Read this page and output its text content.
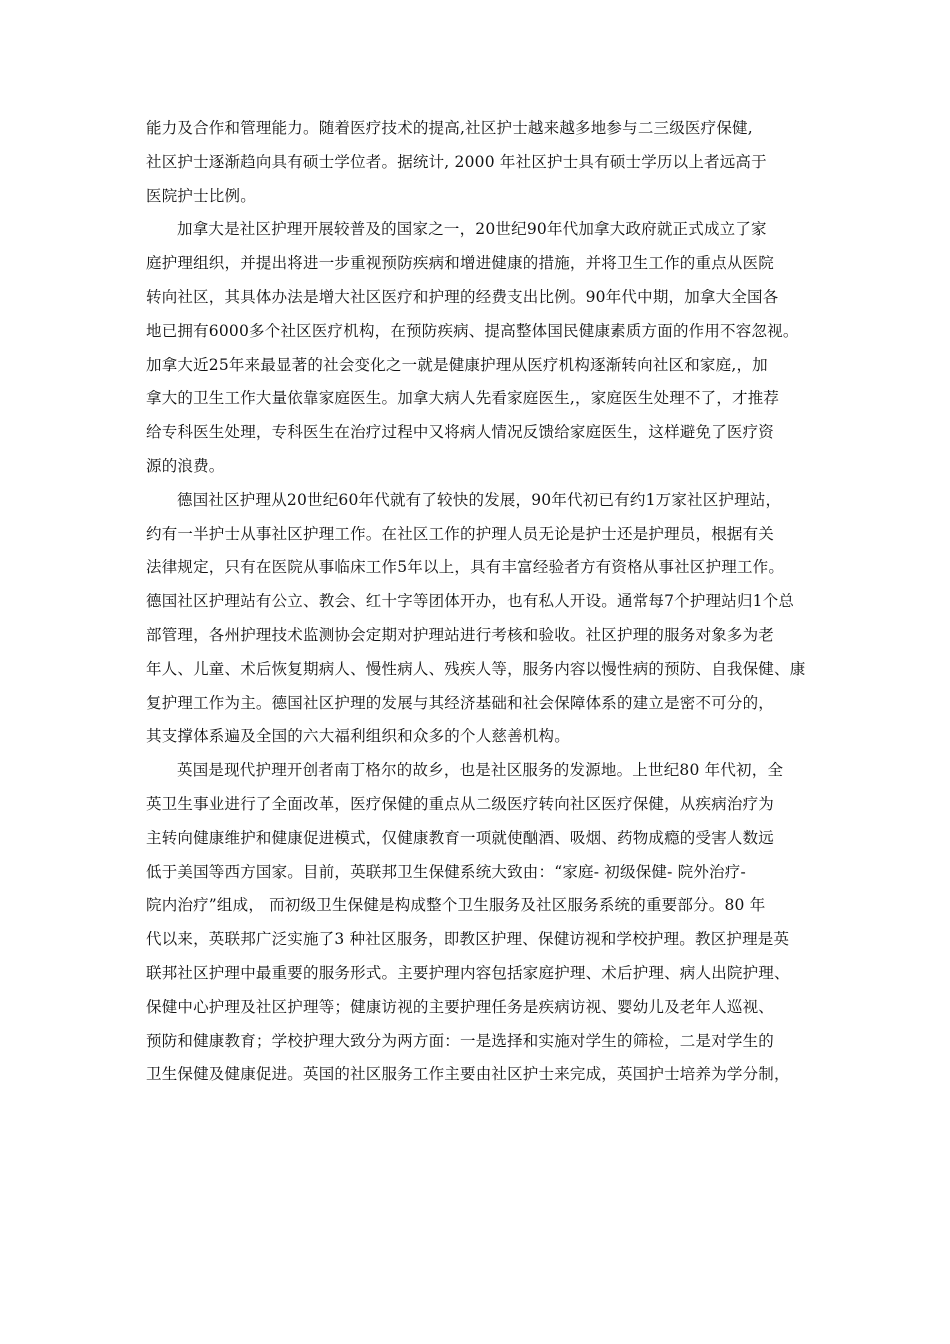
能力及合作和管理能力。随着医疗技术的提高,社区护士越来越多地参与二三级医疗保健,
社区护士逐渐趋向具有硕士学位者。据统计, 2000 年社区护士具有硕士学历以上者远高于
医院护士比例。
加拿大是社区护理开展较普及的国家之一，20世纪90年代加拿大政府就正式成立了家
庭护理组织，并提出将进一步重视预防疾病和增进健康的措施，并将卫生工作的重点从医院
转向社区，其具体办法是增大社区医疗和护理的经费支出比例。90年代中期，加拿大全国各
地已拥有6000多个社区医疗机构，在预防疾病、提高整体国民健康素质方面的作用不容忽视。
加拿大近25年来最显著的社会变化之一就是健康护理从医疗机构逐渐转向社区和家庭,，加
拿大的卫生工作大量依靠家庭医生。加拿大病人先看家庭医生,，家庭医生处理不了，才推荐
给专科医生处理，专科医生在治疗过程中又将病人情况反馈给家庭医生，这样避免了医疗资
源的浪费。
德国社区护理从20世纪60年代就有了较快的发展，90年代初已有约1万家社区护理站，
约有一半护士从事社区护理工作。在社区工作的护理人员无论是护士还是护理员，根据有关
法律规定，只有在医院从事临床工作5年以上，具有丰富经验者方有资格从事社区护理工作。
德国社区护理站有公立、教会、红十字等团体开办，也有私人开设。通常每7个护理站归1个总
部管理，各州护理技术监测协会定期对护理站进行考核和验收。社区护理的服务对象多为老
年人、儿童、术后恢复期病人、慢性病人、残疾人等，服务内容以慢性病的预防、自我保健、康
复护理工作为主。德国社区护理的发展与其经济基础和社会保障体系的建立是密不可分的，
其支撑体系遍及全国的六大福利组织和众多的个人慈善机构。
英国是现代护理开创者南丁格尔的故乡，也是社区服务的发源地。上世纪80 年代初，全
英卫生事业进行了全面改革，医疗保健的重点从二级医疗转向社区医疗保健，从疾病治疗为
主转向健康维护和健康促进模式，仅健康教育一项就使酗酒、吸烟、药物成瘾的受害人数远
低于美国等西方国家。目前，英联邦卫生保健系统大致由：“家庭- 初级保健- 院外治疗-
院内治疗”组成， 而初级卫生保健是构成整个卫生服务及社区服务系统的重要部分。80 年
代以来，英联邦广泛实施了3 种社区服务，即教区护理、保健访视和学校护理。教区护理是英
联邦社区护理中最重要的服务形式。主要护理内容包括家庭护理、术后护理、病人出院护理、
保健中心护理及社区护理等；健康访视的主要护理任务是疾病访视、婴幼儿及老年人巡视、
预防和健康教育；学校护理大致分为两方面：一是选择和实施对学生的筛检，二是对学生的
卫生保健及健康促进。英国的社区服务工作主要由社区护士来完成，英国护士培养为学分制，
